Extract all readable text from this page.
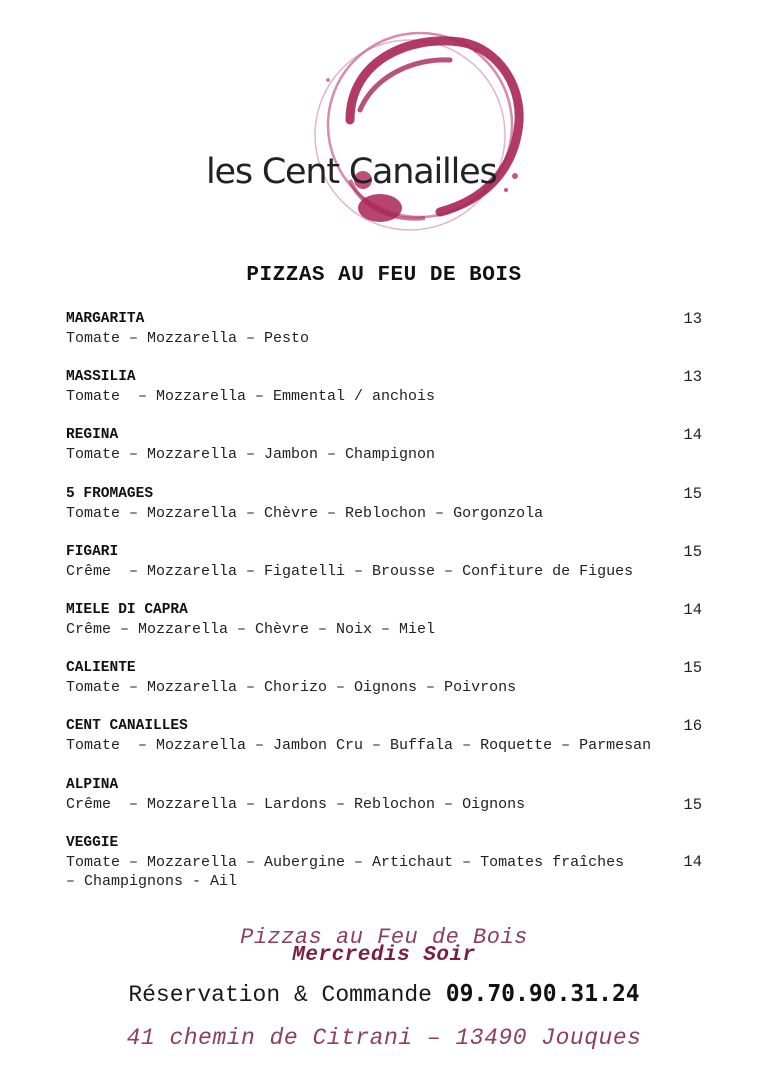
les Cent Canailles
PIZZAS AU FEU DE BOIS
MARGARITA
Tomate – Mozzarella – Pesto
13
MASSILIA
Tomate  – Mozzarella – Emmental / anchois
13
REGINA
Tomate – Mozzarella – Jambon – Champignon
14
5 FROMAGES
Tomate – Mozzarella – Chèvre – Reblochon – Gorgonzola
15
FIGARI
Crême  – Mozzarella – Figatelli – Brousse – Confiture de Figues
15
MIELE DI CAPRA
Crême – Mozzarella – Chèvre – Noix – Miel
14
CALIENTE
Tomate – Mozzarella – Chorizo – Oignons – Poivrons
15
CENT CANAILLES
Tomate  – Mozzarella – Jambon Cru – Buffala – Roquette – Parmesan
16
ALPINA
Crême  – Mozzarella – Lardons – Reblochon – Oignons	15
VEGGIE
Tomate – Mozzarella – Aubergine – Artichaut – Tomates fraîches
– Champignons - Ail
14
Pizzas au Feu de Bois
Mercredis Soir
Réservation & Commande 09.70.90.31.24
41 chemin de Citrani – 13490 Jouques
